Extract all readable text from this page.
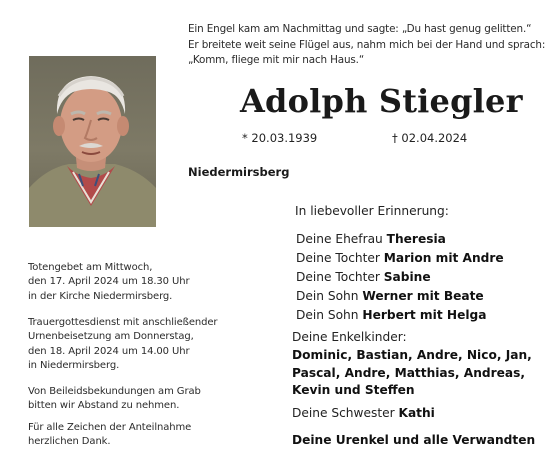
Ein Engel kam am Nachmittag und sagte: „Du hast genug gelitten.“
Er breitete weit seine Flügel aus, nahm mich bei der Hand und sprach:
„Komm, fliege mit mir nach Haus.“
Adolph Stiegler
* 20.03.1939	† 02.04.2024
Niedermirsberg
In liebevoller Erinnerung:
Deine Ehefrau Theresia
Deine Tochter Marion mit Andre
Deine Tochter Sabine
Dein Sohn Werner mit Beate
Dein Sohn Herbert mit Helga
Deine Enkelkinder:
Dominic, Bastian, Andre, Nico, Jan,
Pascal, Andre, Matthias, Andreas,
Kevin und Steffen
Deine Schwester Kathi
Deine Urenkel und alle Verwandten
Totengebet am Mittwoch,
den 17. April 2024 um 18.30 Uhr
in der Kirche Niedermirsberg.
Trauergottesdienst mit anschließender
Urnenbeisetzung am Donnerstag,
den 18. April 2024 um 14.00 Uhr
in Niedermirsberg.
Von Beileidsbekundungen am Grab
bitten wir Abstand zu nehmen.
Für alle Zeichen der Anteilnahme
herzlichen Dank.
